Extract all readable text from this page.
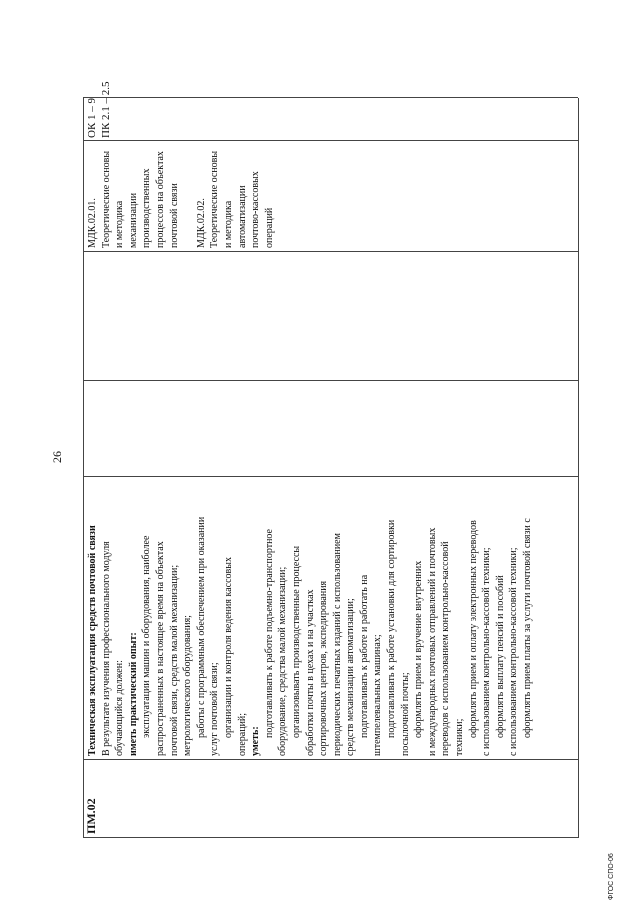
26
ПМ.02
Техническая эксплуатация средств почтовой связи В результате изучения профессионального модуля обучающийся должен: иметь практический опыт: эксплуатации машин и оборудования, наиболее распространенных в настоящее время на объектах почтовой связи, средств малой механизации; метрологического оборудования; работы с программным обеспечением при оказании услуг почтовой связи; организации и контроля ведения кассовых операций; уметь:
подготавливать к работе подъемно-транспортное оборудование, средства малой механизации; организовывать производственные процессы обработки почты в цехах и на участках сортировочных центров, экспедирования периодических печатных изданий с использованием средств механизации автоматизации; подготавливать к работе и работать на штемпелевальных машинах; подготавливать к работе установки для сортировки посылочной почты; оформлять прием и вручение внутренних и международных почтовых отправлений и почтовых переводов с использованием контрольно-кассовой техники; оформлять прием и оплату электронных переводов с использованием контрольно-кассовой техники; оформлять выплату пенсий и пособий с использованием контрольно-кассовой техники; оформлять прием платы за услуги почтовой связи с
МДК.02.01. Теоретические основы и методика механизации производственных процессов на объектах почтовой связи МДК.02.02. Теоретические основы и методика автоматизации почтово-кассовых операций
ОК 1 – 9 ПК 2.1 – 2.5
ФГОС СПО-06
